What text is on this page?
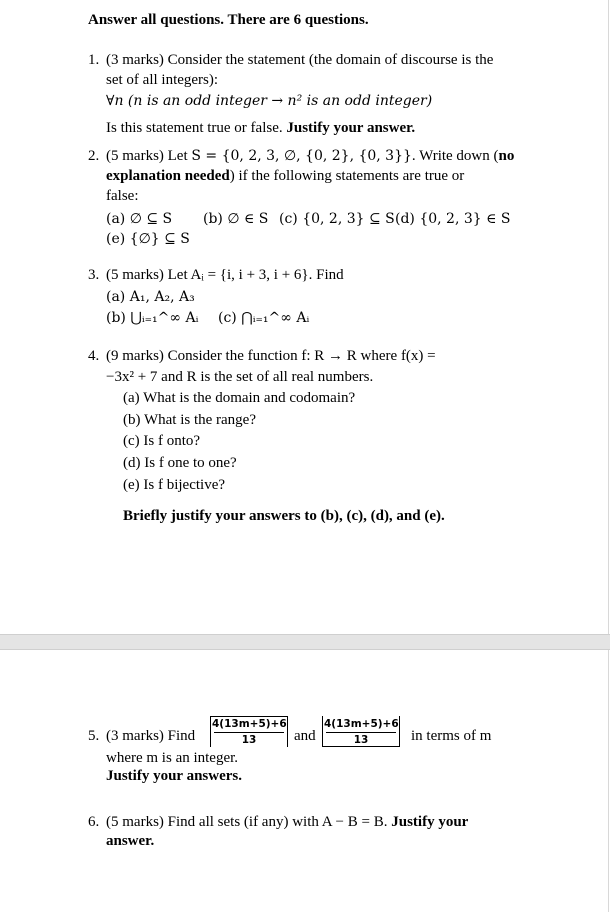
Answer all questions. There are 6 questions.
1. (3 marks) Consider the statement (the domain of discourse is the
set of all integers):
∀n (n is an odd integer → n² is an odd integer)
Is this statement true or false. Justify your answer.
2. (5 marks) Let S = {0, 2, 3, ∅, {0, 2}, {0, 3}}. Write down (no
explanation needed) if the following statements are true or
false:
(a) ∅ ⊆ S (b) ∅ ∈ S (c) {0, 2, 3} ⊆ S (d) {0, 2, 3} ∈ S
(e) {∅} ⊆ S
3. (5 marks) Let Aᵢ = {i, i + 3, i + 6}. Find
(a) A₁, A₂, A₃
(b) ⋃ᵢ₌₁^∞ Aᵢ (c) ⋂ᵢ₌₁^∞ Aᵢ
4. (9 marks) Consider the function f: R → R where f(x) =
−3x² + 7 and R is the set of all real numbers.
(a) What is the domain and codomain?
(b) What is the range?
(c) Is f onto?
(d) Is f one to one?
(e) Is f bijective?
Briefly justify your answers to (b), (c), (d), and (e).
5. (3 marks) Find
4(13m+5)+6
13	and
4(13m+5)+6
13	in terms of m
where m is an integer.
Justify your answers.
6. (5 marks) Find all sets (if any) with A − B = B. Justify your
answer.
